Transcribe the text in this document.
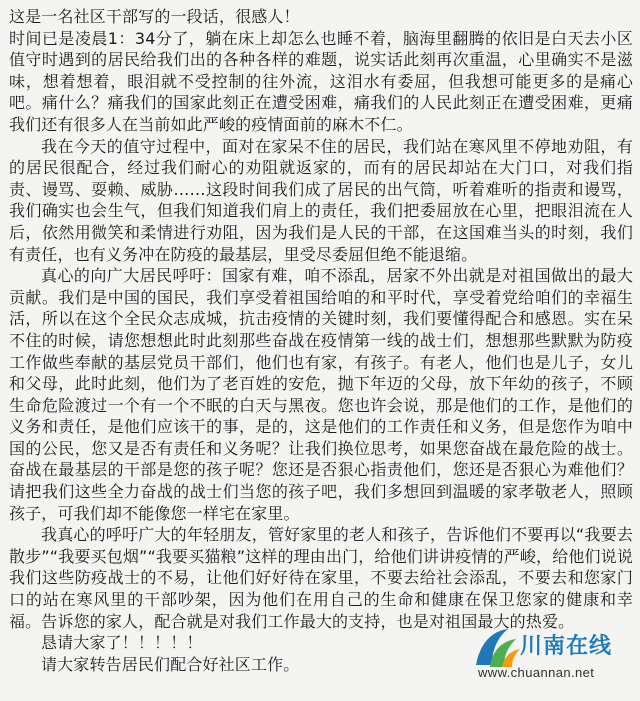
这是一名社区干部写的一段话，很感人！

时间已是凌晨1：34分了，躺在床上却怎么也睡不着，脑海里翻腾的依旧是白天去小区值守时遇到的居民给我们出的各种各样的难题，说实话此刻再次重温，心里确实不是滋味，想着想着，眼泪就不受控制的往外流，这泪水有委屈，但我想可能更多的是痛心吧。痛什么？痛我们的国家此刻正在遭受困难，痛我们的人民此刻正在遭受困难，更痛我们还有很多人在当前如此严峻的疫情面前的麻木不仁。

我在今天的值守过程中，面对在家呆不住的居民，我们站在寒风里不停地劝阻，有的居民很配合，经过我们耐心的劝阻就返家的，而有的居民却站在大门口，对我们指责、谩骂、耍赖、威胁……这段时间我们成了居民的出气筒，听着难听的指责和谩骂，我们确实也会生气，但我们知道我们肩上的责任，我们把委屈放在心里，把眼泪流在人后，依然用微笑和柔情进行劝阻，因为我们是人民的干部，在这国难当头的时刻，我们有责任，也有义务冲在防疫的最基层，里受尽委屈但绝不能退缩。

真心的向广大居民呼吁：国家有难，咱不添乱，居家不外出就是对祖国做出的最大贡献。我们是中国的国民，我们享受着祖国给咱的和平时代，享受着党给咱们的幸福生活，所以在这个全民众志成城，抗击疫情的关键时刻，我们要懂得配合和感恩。实在呆不住的时候，请您想想此时此刻那些奋战在疫情第一线的战士们，想想那些默默为防疫工作做些奉献的基层党员干部们，他们也有家，有孩子。有老人，他们也是儿子，女儿和父母，此时此刻，他们为了老百姓的安危，抛下年迈的父母，放下年幼的孩子，不顾生命危险渡过一个有一个不眠的白天与黑夜。您也许会说，那是他们的工作，是他们的义务和责任，是他们应该干的事，是的，这是他们的工作责任和义务，但是您作为咱中国的公民，您又是否有责任和义务呢？让我们换位思考，如果您奋战在最危险的战士。奋战在最基层的干部是您的孩子呢？您还是否狠心指责他们，您还是否狠心为难他们？请把我们这些全力奋战的战士们当您的孩子吧，我们多想回到温暖的家孝敬老人，照顾孩子，可我们却不能像您一样宅在家里。

我真心的呼吁广大的年轻朋友，管好家里的老人和孩子，告诉他们不要再以“我要去散步”“我要买包烟”“我要买猫粮”这样的理由出门，给他们讲讲疫情的严峻，给他们说说我们这些防疫战士的不易，让他们好好待在家里，不要去给社会添乱，不要去和您家门口的站在寒风里的干部吵架，因为他们在用自己的生命和健康在保卫您家的健康和幸福。告诉您的家人，配合就是对我们工作最大的支持，也是对祖国最大的热爱。

恳请大家了！！！！！

请大家转告居民们配合好社区工作。

川南在线
www.chuannan.net
